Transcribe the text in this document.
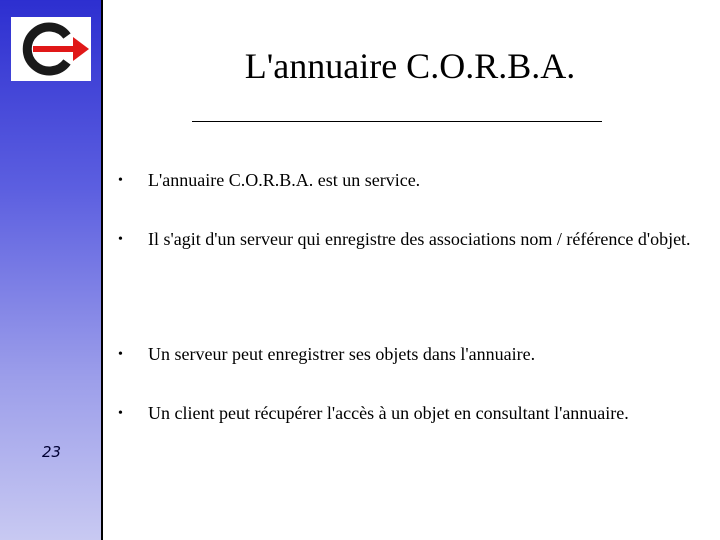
23
L'annuaire C.O.R.B.A.
• L'annuaire C.O.R.B.A. est un service.
• Il s'agit d'un serveur qui enregistre des associations nom / référence d'objet.
• Un serveur peut enregistrer ses objets dans l'annuaire.
• Un client peut récupérer l'accès à un objet en consultant l'annuaire.
